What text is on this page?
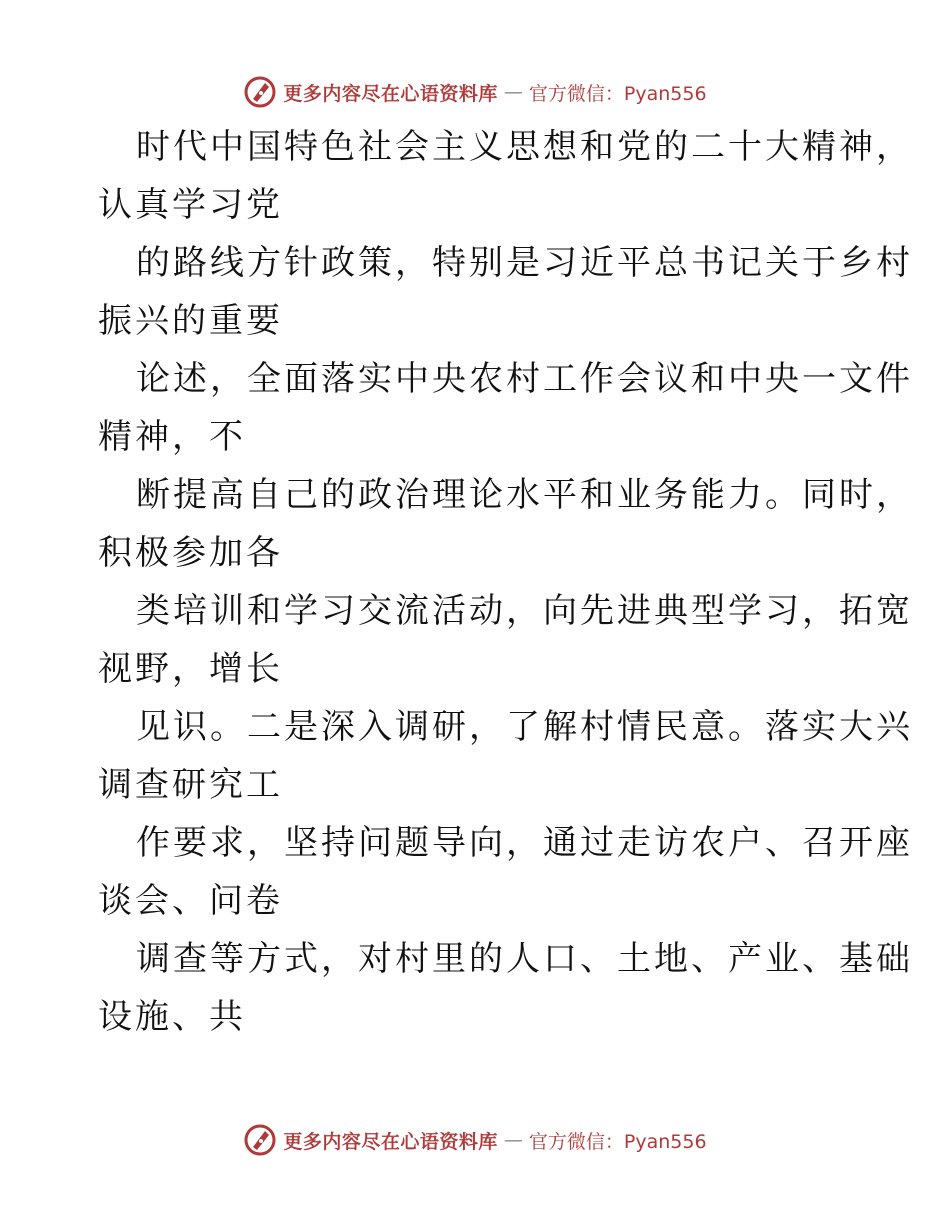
更多内容尽在心语资料库 — 官方微信：Pyan556

时代中国特色社会主义思想和党的二十大精神，
认真学习党

的路线方针政策，特别是习近平总书记关于乡村
振兴的重要

论述，全面落实中央农村工作会议和中央一文件
精神，不

断提高自己的政治理论水平和业务能力。同时，
积极参加各

类培训和学习交流活动，向先进典型学习，拓宽
视野，增长

见识。二是深入调研，了解村情民意。落实大兴
调查研究工

作要求，坚持问题导向，通过走访农户、召开座
谈会、问卷

调查等方式，对村里的人口、土地、产业、基础
设施、共

更多内容尽在心语资料库 — 官方微信：Pyan556
